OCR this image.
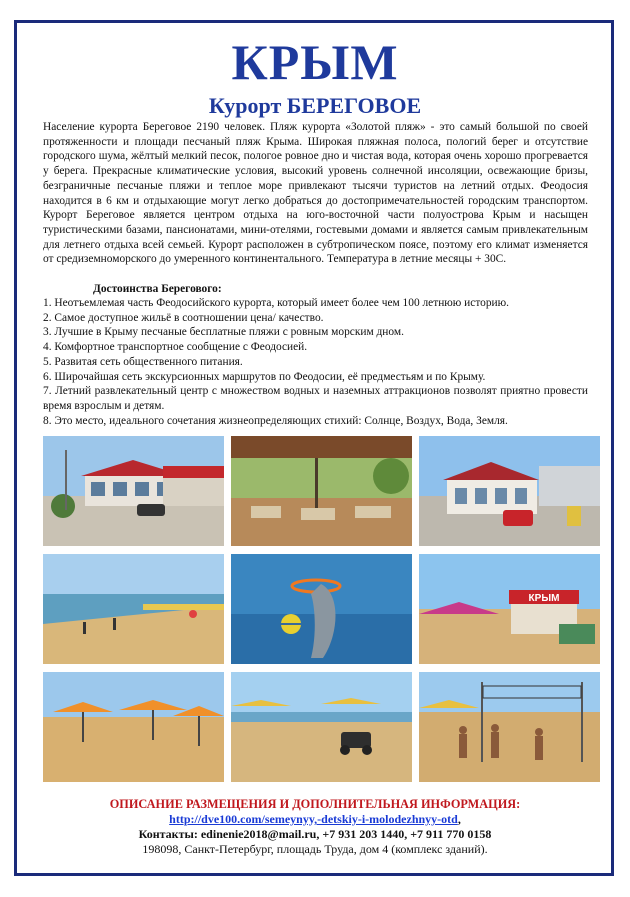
КРЫМ
Курорт БЕРЕГОВОЕ

Население курорта Береговое 2190 человек. Пляж курорта «Золотой пляж» - это самый большой по своей протяженности и площади песчаный пляж Крыма. Широкая пляжная полоса, пологий берег и отсутствие городского шума, жёлтый мелкий песок, пологое ровное дно и чистая вода, которая очень хорошо прогревается у берега. Прекрасные климатические условия, высокий уровень солнечной инсоляции, освежающие бризы, безграничные песчаные пляжи и теплое море привлекают тысячи туристов на летний отдых. Феодосия находится в 6 км и отдыхающие могут легко добраться до достопримечательностей городским транспортом. Курорт Береговое является центром отдыха на юго-восточной части полуострова Крым и насыщен туристическими базами, пансионатами, мини-отелями, гостевыми домами и является самым привлекательным для летнего отдыха всей семьей. Курорт расположен в субтропическом поясе, поэтому его климат изменяется от средиземноморского до умеренного континентального. Температура в летние месяцы + 30С.

Достоинства Берегового:
1. Неотъемлемая часть Феодосийского курорта, который имеет более чем 100 летнюю историю.
2. Самое доступное жильё в соотношении цена/ качество.
3. Лучшие в Крыму песчаные бесплатные пляжи с ровным морским дном.
4. Комфортное транспортное сообщение с Феодосией.
5. Развитая сеть общественного питания.
6. Широчайшая сеть экскурсионных маршрутов по Феодосии, её предместьям и по Крыму.
7. Летний развлекательный центр с множеством водных и наземных аттракционов позволят приятно провести время взрослым и детям.
8. Это место, идеального сочетания жизнеопределяющих стихий: Солнце, Воздух, Вода, Земля.
КРЫМ
ОПИСАНИЕ РАЗМЕЩЕНИЯ И ДОПОЛНИТЕЛЬНАЯ ИНФОРМАЦИЯ:
http://dve100.com/semeynyy,-detskiy-i-molodezhnyy-otd,
Контакты: edinenie2018@mail.ru, +7 931 203 1440, +7 911 770 0158
198098, Санкт-Петербург, площадь Труда, дом 4 (комплекс зданий).
